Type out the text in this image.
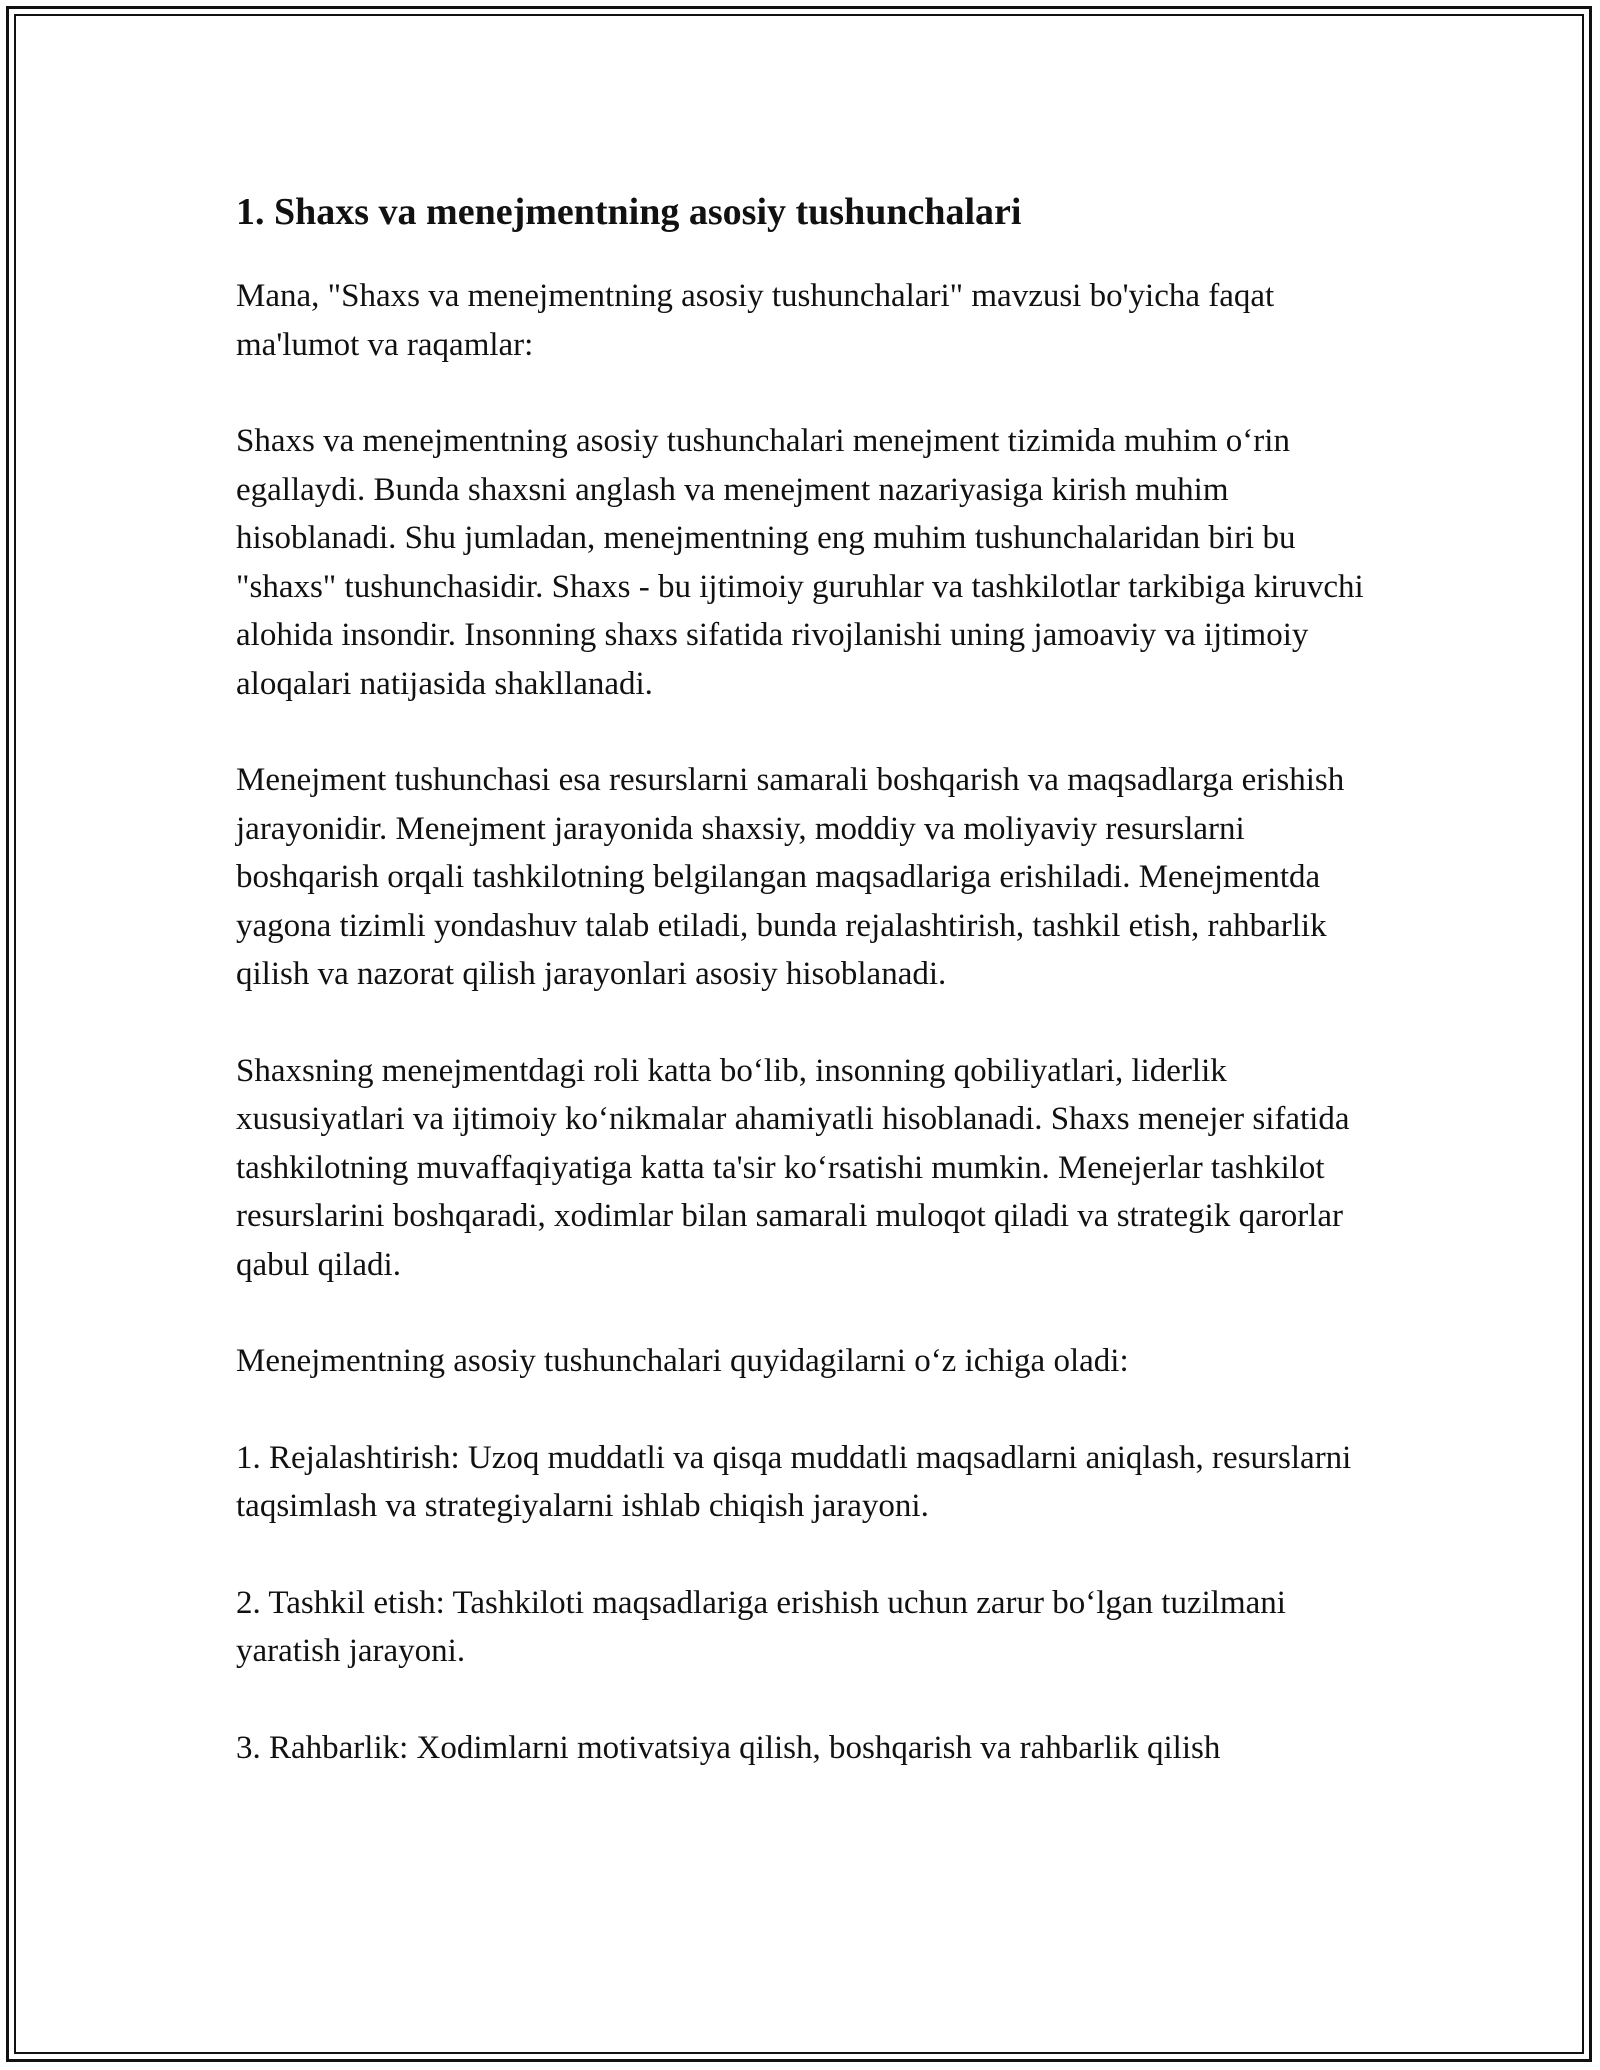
1. Shaxs va menejmentning asosiy tushunchalari

Mana, "Shaxs va menejmentning asosiy tushunchalari" mavzusi bo'yicha faqat ma'lumot va raqamlar:

Shaxs va menejmentning asosiy tushunchalari menejment tizimida muhim o‘rin egallaydi. Bunda shaxsni anglash va menejment nazariyasiga kirish muhim hisoblanadi. Shu jumladan, menejmentning eng muhim tushunchalaridan biri bu "shaxs" tushunchasidir. Shaxs - bu ijtimoiy guruhlar va tashkilotlar tarkibiga kiruvchi alohida insondir. Insonning shaxs sifatida rivojlanishi uning jamoaviy va ijtimoiy aloqalari natijasida shakllanadi.

Menejment tushunchasi esa resurslarni samarali boshqarish va maqsadlarga erishish jarayonidir. Menejment jarayonida shaxsiy, moddiy va moliyaviy resurslarni boshqarish orqali tashkilotning belgilangan maqsadlariga erishiladi. Menejmentda yagona tizimli yondashuv talab etiladi, bunda rejalashtirish, tashkil etish, rahbarlik qilish va nazorat qilish jarayonlari asosiy hisoblanadi.

Shaxsning menejmentdagi roli katta bo‘lib, insonning qobiliyatlari, liderlik xususiyatlari va ijtimoiy ko‘nikmalar ahamiyatli hisoblanadi. Shaxs menejer sifatida tashkilotning muvaffaqiyatiga katta ta'sir ko‘rsatishi mumkin. Menejerlar tashkilot resurslarini boshqaradi, xodimlar bilan samarali muloqot qiladi va strategik qarorlar qabul qiladi.

Menejmentning asosiy tushunchalari quyidagilarni o‘z ichiga oladi:

1. Rejalashtirish: Uzoq muddatli va qisqa muddatli maqsadlarni aniqlash, resurslarni taqsimlash va strategiyalarni ishlab chiqish jarayoni.

2. Tashkil etish: Tashkiloti maqsadlariga erishish uchun zarur bo‘lgan tuzilmani yaratish jarayoni.

3. Rahbarlik: Xodimlarni motivatsiya qilish, boshqarish va rahbarlik qilish
